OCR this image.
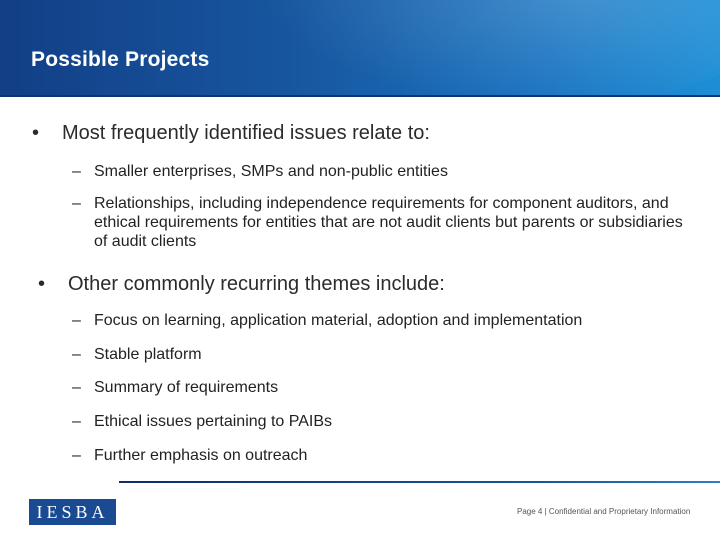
Possible Projects
• Most frequently identified issues relate to:
– Smaller enterprises, SMPs and non-public entities
– Relationships, including independence requirements for component auditors, and ethical requirements for entities that are not audit clients but parents or subsidiaries of audit clients
• Other commonly recurring themes include:
– Focus on learning, application material, adoption and implementation
– Stable platform
– Summary of requirements
– Ethical issues pertaining to PAIBs
– Further emphasis on outreach
IESBA	Page 4 | Confidential and Proprietary Information
